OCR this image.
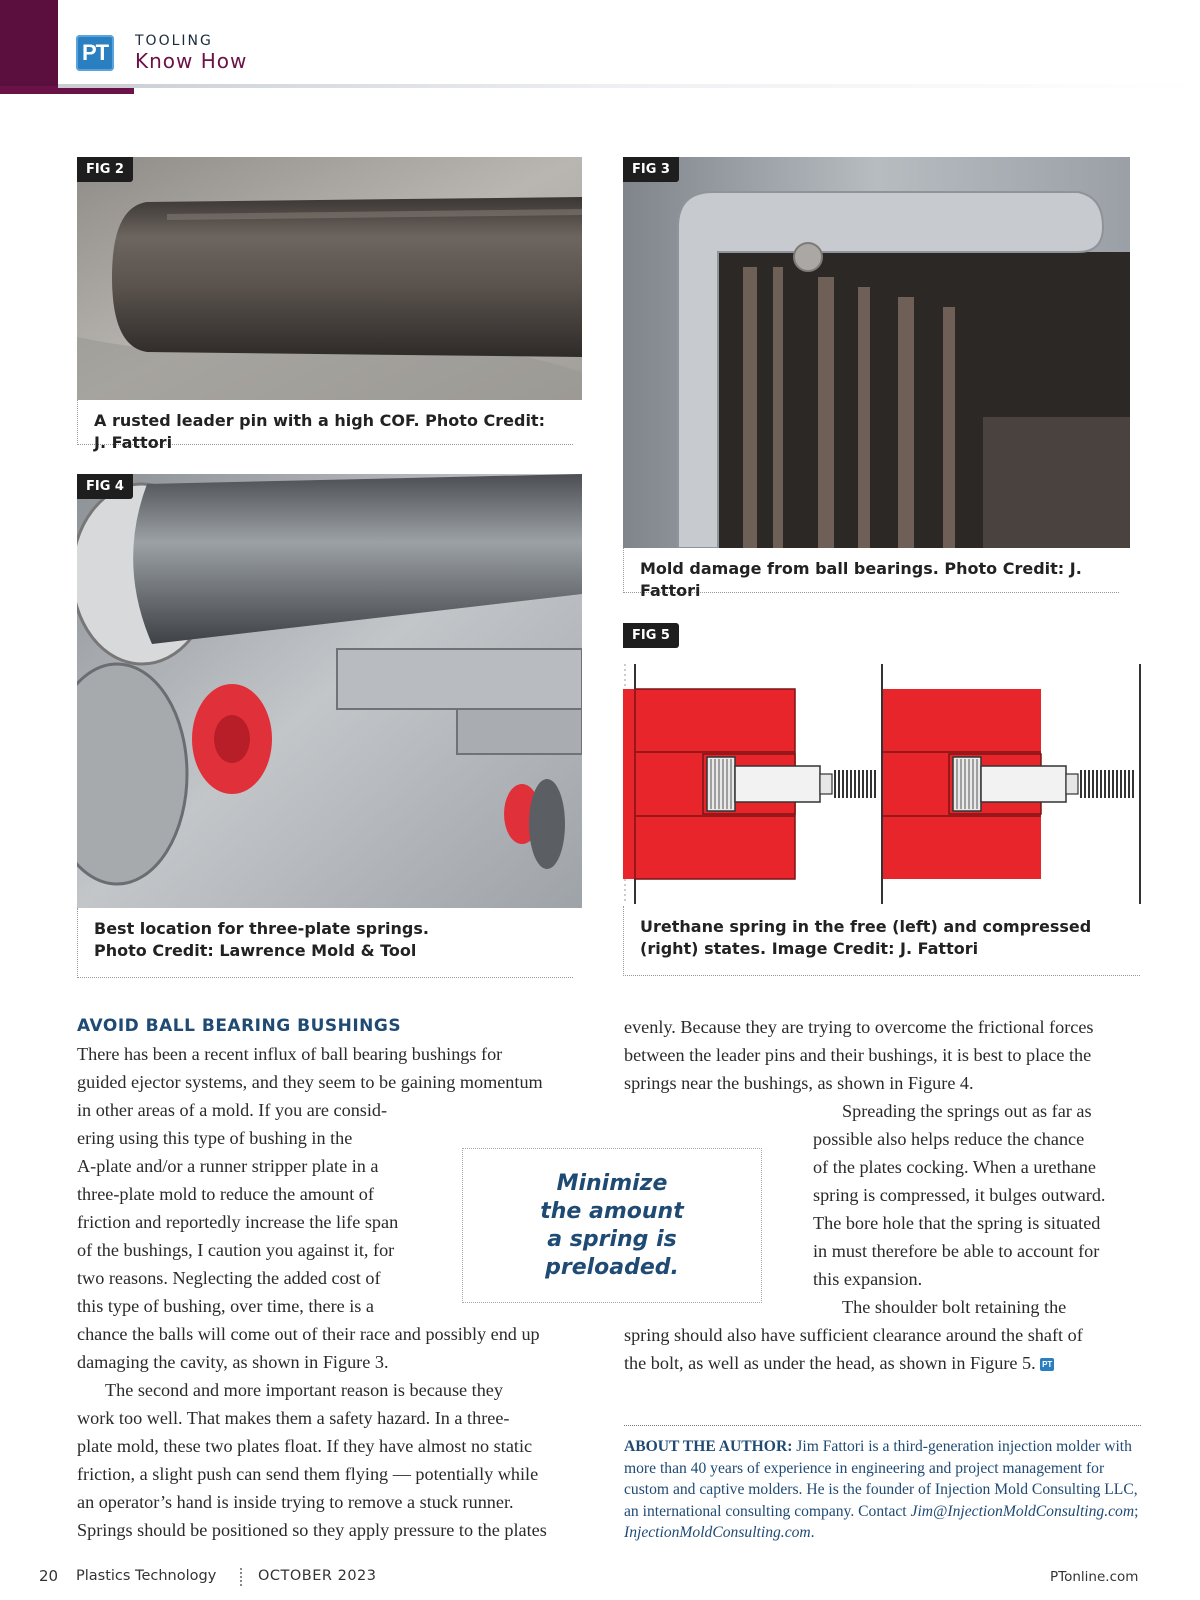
PT	TOOLING
Know How
FIG 2
A rusted leader pin with a high COF. Photo Credit: J. Fattori
FIG 3
Mold damage from ball bearings. Photo Credit: J. Fattori
FIG 4
Best location for three-plate springs.
Photo Credit: Lawrence Mold & Tool
FIG 5
Urethane spring in the free (left) and compressed
(right) states. Image Credit: J. Fattori
AVOID BALL BEARING BUSHINGS

There has been a recent influx of ball bearing bushings for

guided ejector systems, and they seem to be gaining momentum

in other areas of a mold. If you are consid-

ering using this type of bushing in the

A-plate and/or a runner stripper plate in a

three-plate mold to reduce the amount of

friction and reportedly increase the life span

of the bushings, I caution you against it, for

two reasons. Neglecting the added cost of

this type of bushing, over time, there is a

chance the balls will come out of their race and possibly end up

damaging the cavity, as shown in Figure 3.

The second and more important reason is because they

work too well. That makes them a safety hazard. In a three-

plate mold, these two plates float. If they have almost no static

friction, a slight push can send them flying — potentially while

an operator’s hand is inside trying to remove a stuck runner.

Springs should be positioned so they apply pressure to the plates

Minimize the amount a spring is preloaded.

evenly. Because they are trying to overcome the frictional forces

between the leader pins and their bushings, it is best to place the

springs near the bushings, as shown in Figure 4.

Spreading the springs out as far as

possible also helps reduce the chance

of the plates cocking. When a urethane

spring is compressed, it bulges outward.

The bore hole that the spring is situated

in must therefore be able to account for

this expansion.

The shoulder bolt retaining the

spring should also have sufficient clearance around the shaft of

the bolt, as well as under the head, as shown in Figure 5. PT

ABOUT THE AUTHOR: Jim Fattori is a third-generation injection molder with more than 40 years of experience in engineering and project management for custom and captive molders. He is the founder of Injection Mold Consulting LLC, an international consulting company. Contact Jim@InjectionMoldConsulting.com; InjectionMoldConsulting.com.
20 Plastics Technology	OCTOBER 2023	PTonline.com
